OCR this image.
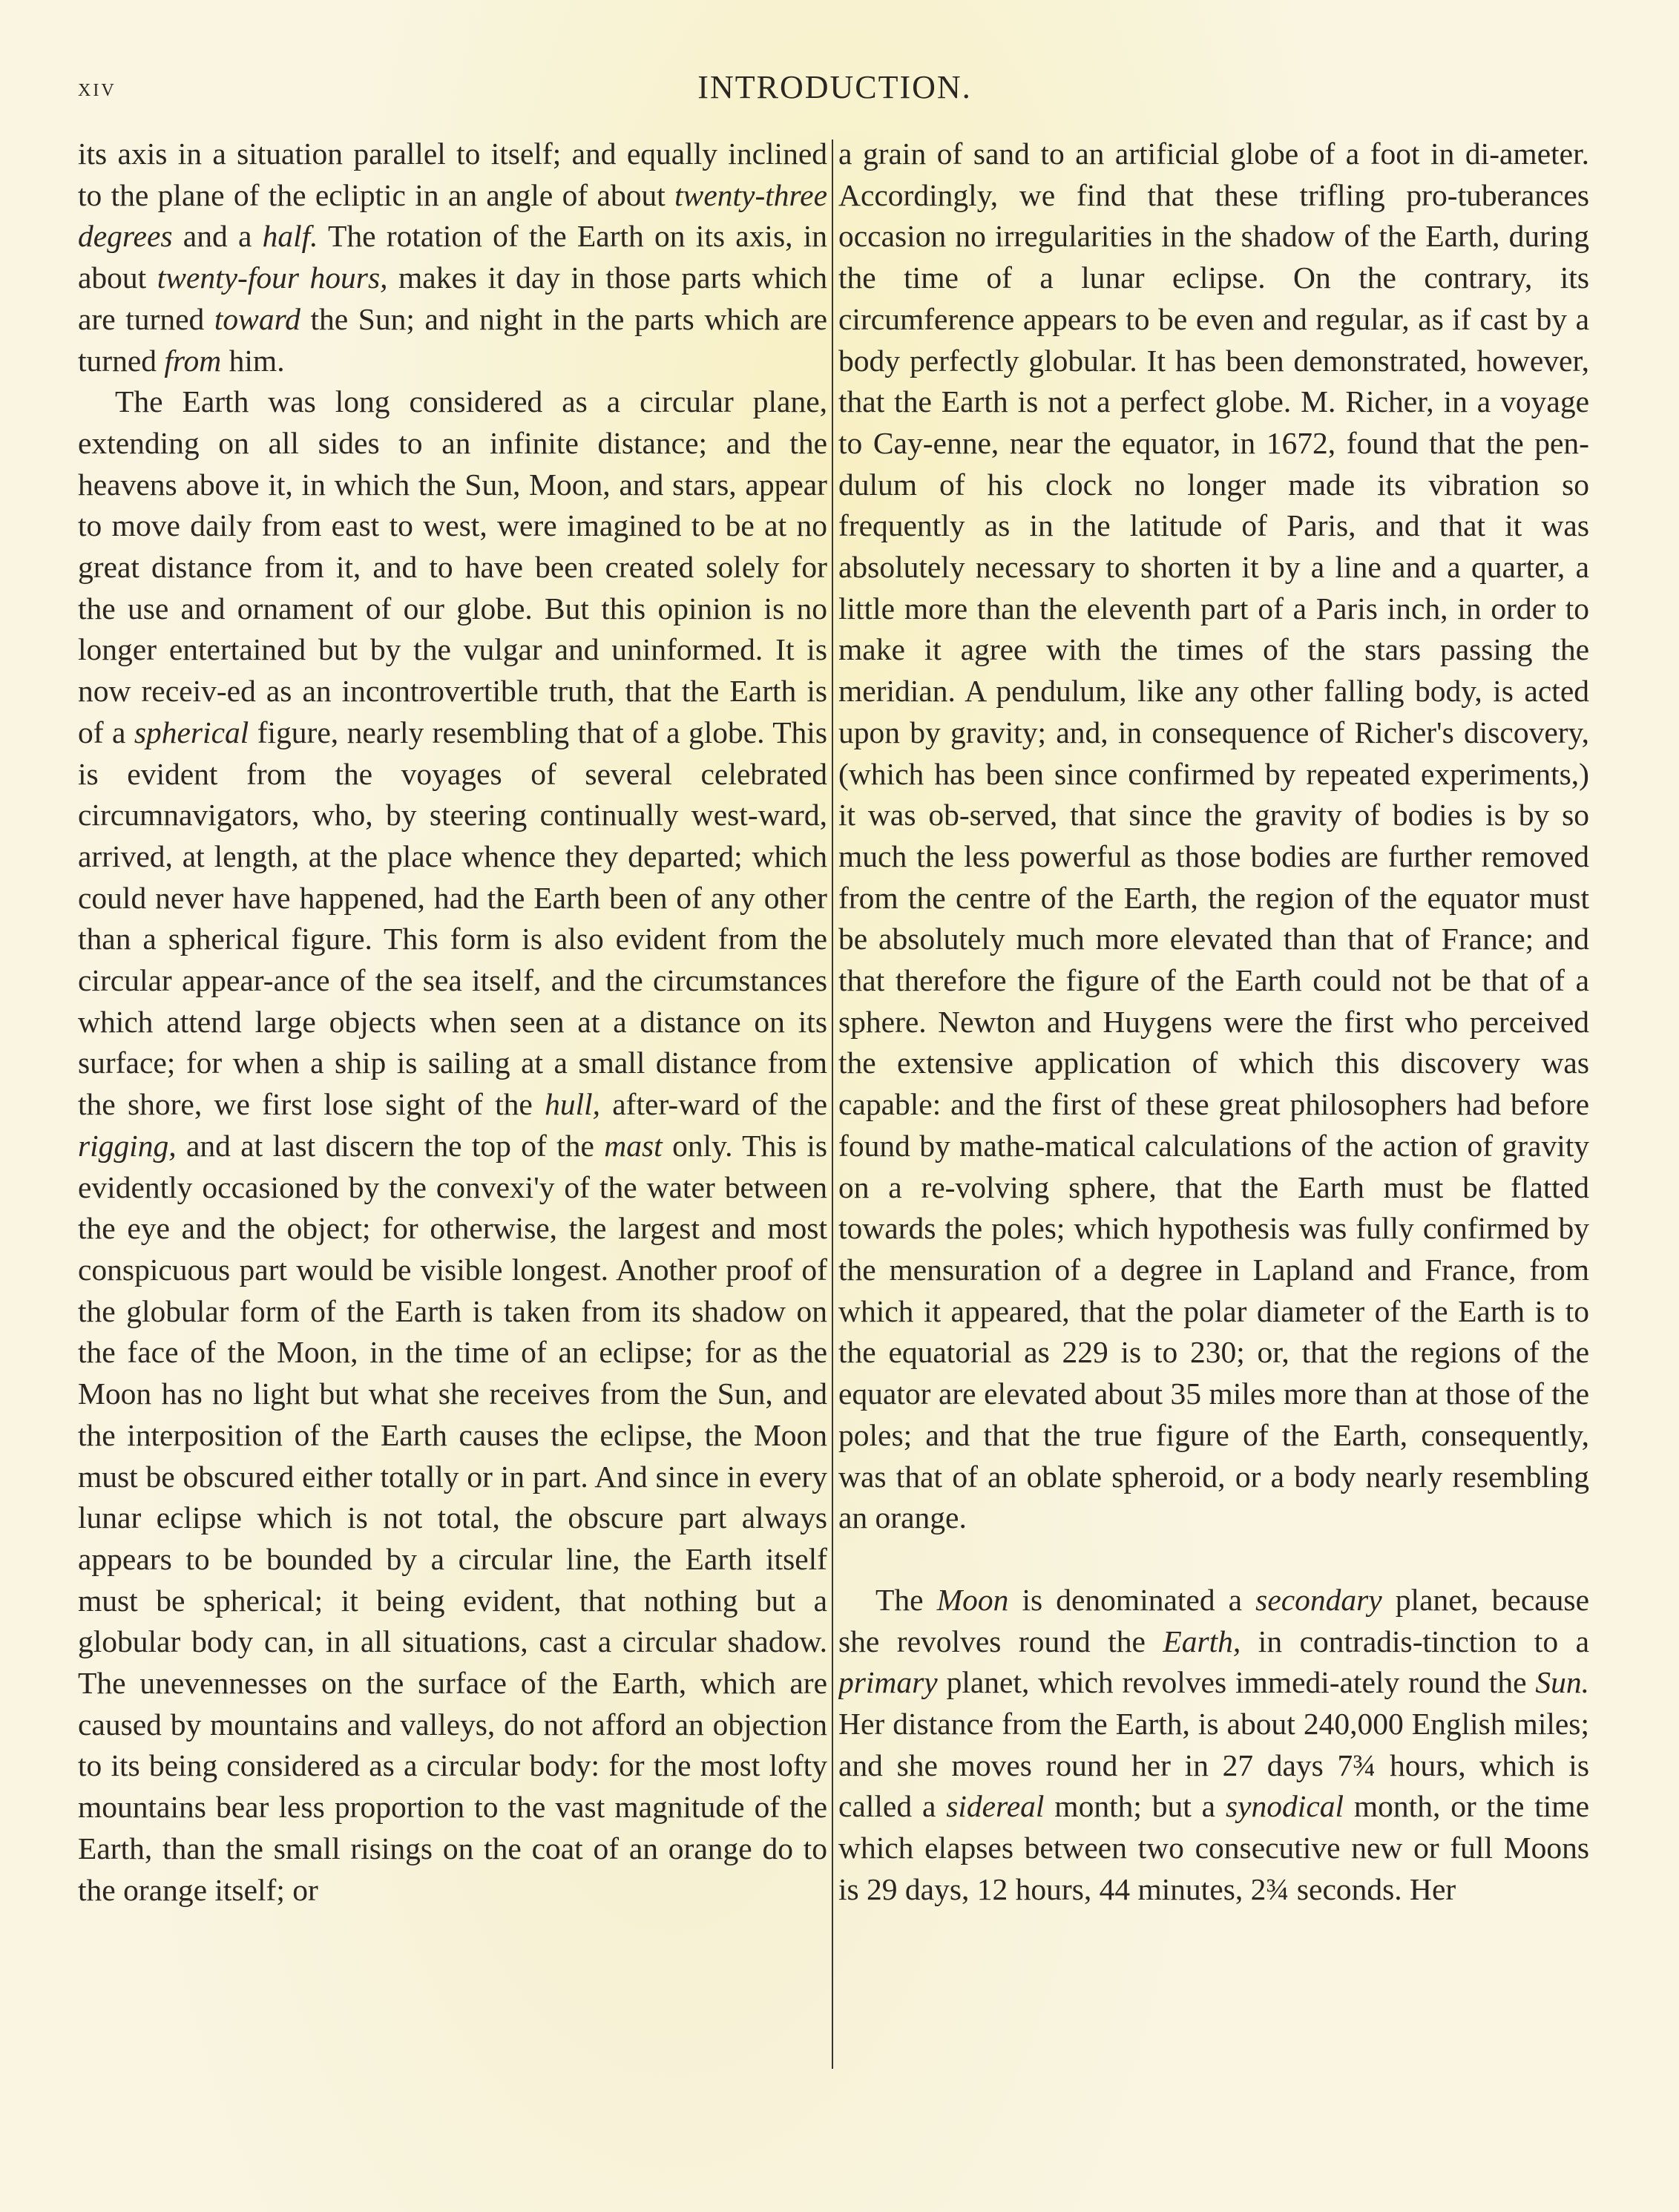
xiv	INTRODUCTION.

its axis in a situation parallel to itself; and equally inclined to the plane of the ecliptic in an angle of about twenty-three degrees and a half. The rotation of the Earth on its axis, in about twenty-four hours, makes it day in those parts which are turned toward the Sun; and night in the parts which are turned from him.

The Earth was long considered as a circular plane, extending on all sides to an infinite distance; and the heavens above it, in which the Sun, Moon, and stars, appear to move daily from east to west, were imagined to be at no great distance from it, and to have been created solely for the use and ornament of our globe. But this opinion is no longer entertained but by the vulgar and uninformed. It is now receiv-ed as an incontrovertible truth, that the Earth is of a spherical figure, nearly resembling that of a globe. This is evident from the voyages of several celebrated circumnavigators, who, by steering continually west-ward, arrived, at length, at the place whence they departed; which could never have happened, had the Earth been of any other than a spherical figure. This form is also evident from the circular appear-ance of the sea itself, and the circumstances which attend large objects when seen at a distance on its surface; for when a ship is sailing at a small distance from the shore, we first lose sight of the hull, after-ward of the rigging, and at last discern the top of the mast only. This is evidently occasioned by the convexi'y of the water between the eye and the object; for otherwise, the largest and most conspicuous part would be visible longest. Another proof of the globular form of the Earth is taken from its shadow on the face of the Moon, in the time of an eclipse; for as the Moon has no light but what she receives from the Sun, and the interposition of the Earth causes the eclipse, the Moon must be obscured either totally or in part. And since in every lunar eclipse which is not total, the obscure part always appears to be bounded by a circular line, the Earth itself must be spherical; it being evident, that nothing but a globular body can, in all situations, cast a circular shadow. The unevennesses on the surface of the Earth, which are caused by mountains and valleys, do not afford an objection to its being considered as a circular body: for the most lofty mountains bear less proportion to the vast magnitude of the Earth, than the small risings on the coat of an orange do to the orange itself; or

a grain of sand to an artificial globe of a foot in di-ameter. Accordingly, we find that these trifling pro-tuberances occasion no irregularities in the shadow of the Earth, during the time of a lunar eclipse. On the contrary, its circumference appears to be even and regular, as if cast by a body perfectly globular. It has been demonstrated, however, that the Earth is not a perfect globe. M. Richer, in a voyage to Cay-enne, near the equator, in 1672, found that the pen-dulum of his clock no longer made its vibration so frequently as in the latitude of Paris, and that it was absolutely necessary to shorten it by a line and a quarter, a little more than the eleventh part of a Paris inch, in order to make it agree with the times of the stars passing the meridian. A pendulum, like any other falling body, is acted upon by gravity; and, in consequence of Richer's discovery, (which has been since confirmed by repeated experiments,) it was ob-served, that since the gravity of bodies is by so much the less powerful as those bodies are further removed from the centre of the Earth, the region of the equator must be absolutely much more elevated than that of France; and that therefore the figure of the Earth could not be that of a sphere. Newton and Huygens were the first who perceived the extensive application of which this discovery was capable: and the first of these great philosophers had before found by mathe-matical calculations of the action of gravity on a re-volving sphere, that the Earth must be flatted towards the poles; which hypothesis was fully confirmed by the mensuration of a degree in Lapland and France, from which it appeared, that the polar diameter of the Earth is to the equatorial as 229 is to 230; or, that the regions of the equator are elevated about 35 miles more than at those of the poles; and that the true figure of the Earth, consequently, was that of an oblate spheroid, or a body nearly resembling an orange.

The Moon is denominated a secondary planet, because she revolves round the Earth, in contradis-tinction to a primary planet, which revolves immedi-ately round the Sun. Her distance from the Earth, is about 240,000 English miles; and she moves round her in 27 days 7¾ hours, which is called a sidereal month; but a synodical month, or the time which elapses between two consecutive new or full Moons is 29 days, 12 hours, 44 minutes, 2¾ seconds. Her
